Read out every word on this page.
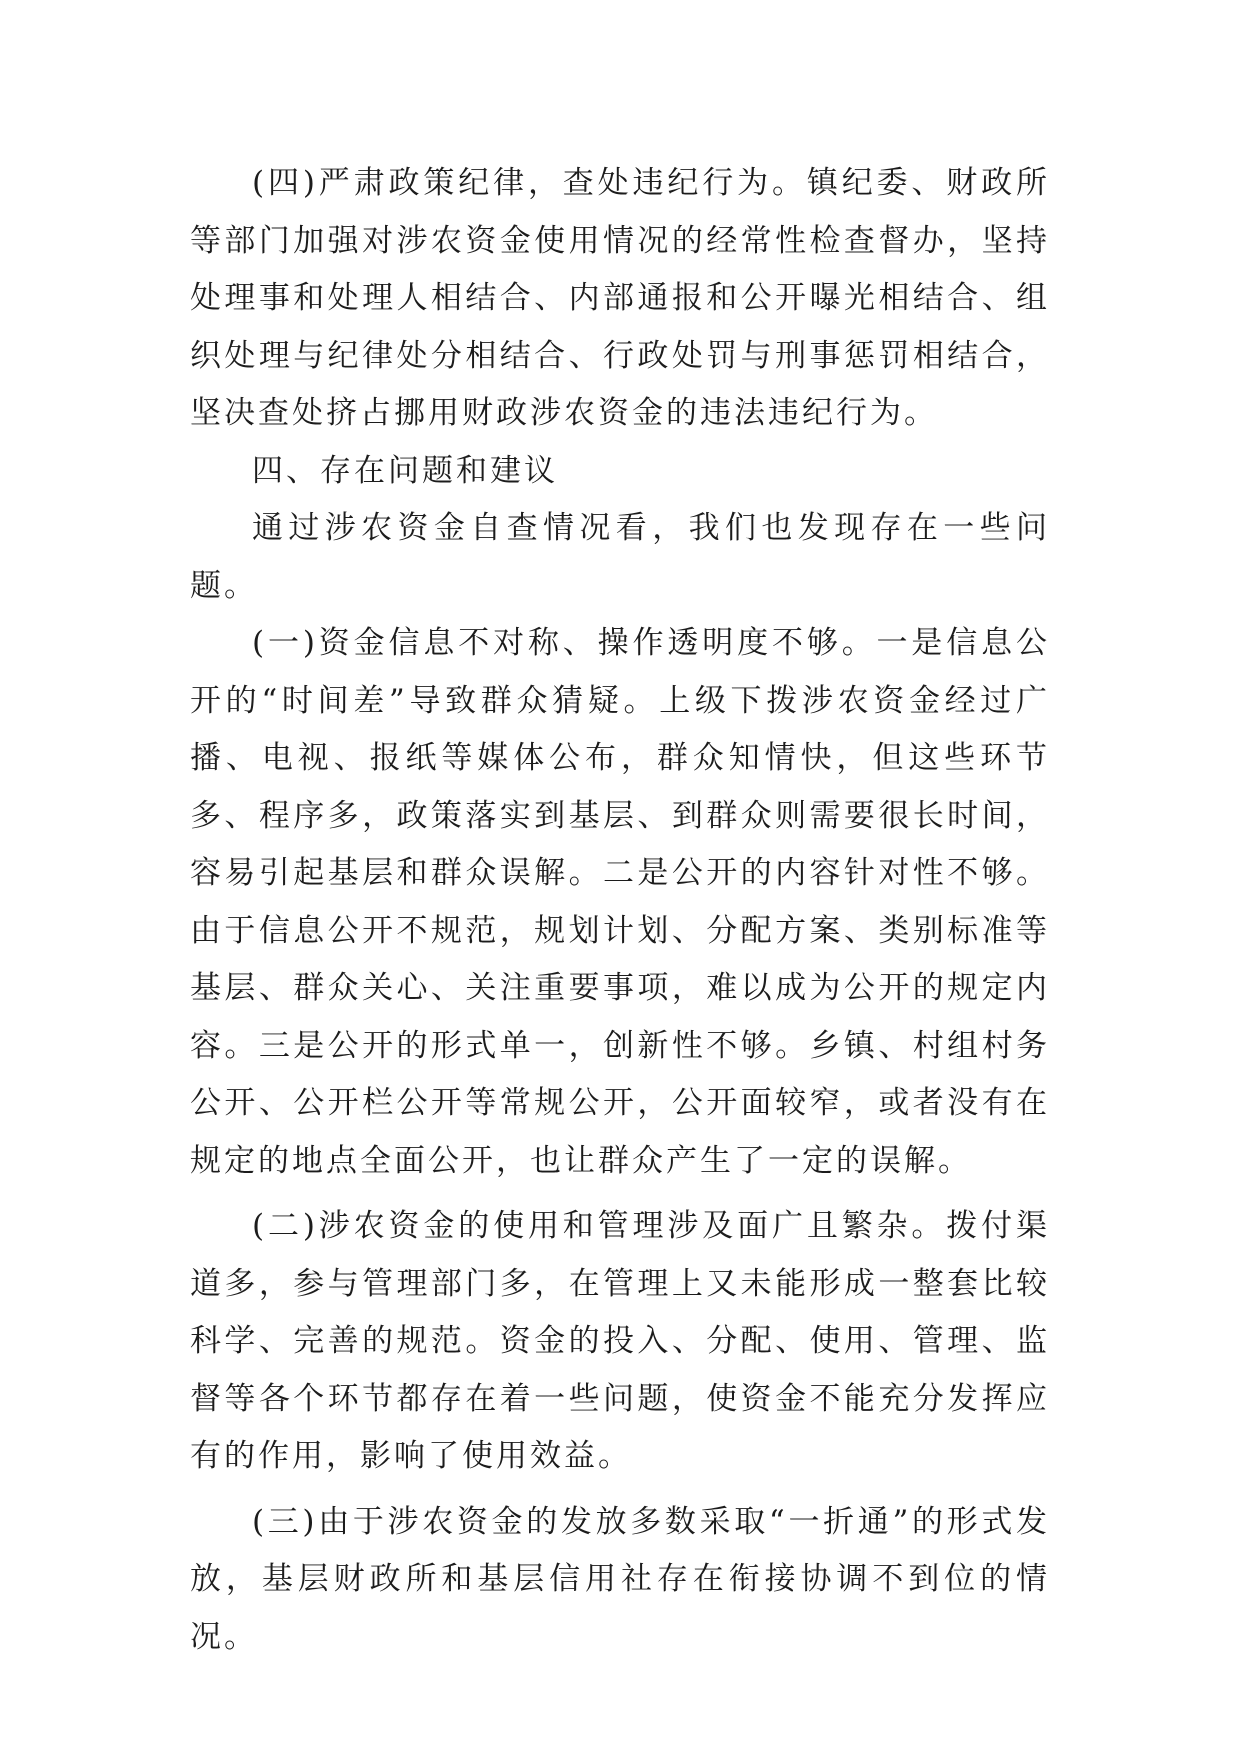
(四)严肃政策纪律，查处违纪行为。镇纪委、财政所等部门加强对涉农资金使用情况的经常性检查督办，坚持处理事和处理人相结合、内部通报和公开曝光相结合、组织处理与纪律处分相结合、行政处罚与刑事惩罚相结合，坚决查处挤占挪用财政涉农资金的违法违纪行为。

四、存在问题和建议

通过涉农资金自查情况看，我们也发现存在一些问题。

(一)资金信息不对称、操作透明度不够。一是信息公开的“时间差”导致群众猜疑。上级下拨涉农资金经过广播、电视、报纸等媒体公布，群众知情快，但这些环节多、程序多，政策落实到基层、到群众则需要很长时间，容易引起基层和群众误解。二是公开的内容针对性不够。由于信息公开不规范，规划计划、分配方案、类别标准等基层、群众关心、关注重要事项，难以成为公开的规定内容。三是公开的形式单一，创新性不够。乡镇、村组村务公开、公开栏公开等常规公开，公开面较窄，或者没有在规定的地点全面公开，也让群众产生了一定的误解。

(二)涉农资金的使用和管理涉及面广且繁杂。拨付渠道多，参与管理部门多，在管理上又未能形成一整套比较科学、完善的规范。资金的投入、分配、使用、管理、监督等各个环节都存在着一些问题，使资金不能充分发挥应有的作用，影响了使用效益。

(三)由于涉农资金的发放多数采取“一折通”的形式发放，基层财政所和基层信用社存在衔接协调不到位的情况。
